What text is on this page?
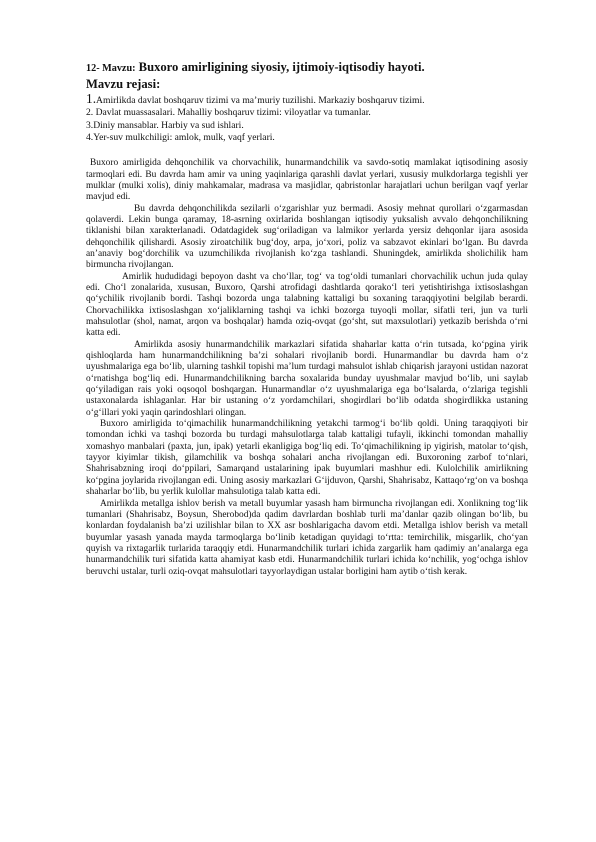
12- Mavzu: Buxoro amirligining siyosiy, ijtimoiy-iqtisodiy hayoti.
Mavzu rejasi:
1.Amirlikda davlat boshqaruv tizimi va ma’muriy tuzilishi. Markaziy boshqaruv tizimi.
2. Davlat muassasalari. Mahalliy boshqaruv tizimi: viloyatlar va tumanlar.
3.Diniy mansablar. Harbiy va sud ishlari.
4.Yer-suv mulkchiligi: amlok, mulk, vaqf yerlari.

Buxoro amirligida dehqonchilik va chorvachilik, hunarmandchilik va savdo-sotiq mamlakat iqtisodining asosiy tarmoqlari edi. Bu davrda ham amir va uning yaqinlariga qarashli davlat yerlari, xususiy mulkdorlarga tegishli yer mulklar (mulki xolis), diniy mahkamalar, madrasa va masjidlar, qabristonlar harajatlari uchun berilgan vaqf yerlar mavjud edi.

Bu davrda dehqonchilikda sezilarli o‘zgarishlar yuz bermadi. Asosiy mehnat qurollari o‘zgarmasdan qolaverdi. Lekin bunga qaramay, 18-asrning oxirlarida boshlangan iqtisodiy yuksalish avvalo dehqonchilikning tiklanishi bilan xarakterlanadi. Odatdagidek sug‘oriladigan va lalmikor yerlarda yersiz dehqonlar ijara asosida dehqonchilik qilishardi. Asosiy ziroatchilik bug‘doy, arpa, jo‘xori, poliz va sabzavot ekinlari bo‘lgan. Bu davrda an’anaviy bog‘dorchilik va uzumchilikda rivojlanish ko‘zga tashlandi. Shuningdek, amirlikda sholichilik ham birmuncha rivojlangan.

Amirlik hududidagi bepoyon dasht va cho‘llar, tog‘ va tog‘oldi tumanlari chorvachilik uchun juda qulay edi. Cho‘l zonalarida, xususan, Buxoro, Qarshi atrofidagi dashtlarda qorako‘l teri yetishtirishga ixtisoslashgan qo‘ychilik rivojlanib bordi. Tashqi bozorda unga talabning kattaligi bu soxaning taraqqiyotini belgilab berardi. Chorvachilikka ixtisoslashgan xo‘jaliklarning tashqi va ichki bozorga tuyoqli mollar, sifatli teri, jun va turli mahsulotlar (shol, namat, arqon va boshqalar) hamda oziq-ovqat (go‘sht, sut maxsulotlari) yetkazib berishda o‘rni katta edi.

Amirlikda asosiy hunarmandchilik markazlari sifatida shaharlar katta o‘rin tutsada, ko‘pgina yirik qishloqlarda ham hunarmandchilikning ba’zi sohalari rivojlanib bordi. Hunarmandlar bu davrda ham o‘z uyushmalariga ega bo‘lib, ularning tashkil topishi ma’lum turdagi mahsulot ishlab chiqarish jarayoni ustidan nazorat o‘rnatishga bog‘liq edi. Hunarmandchilikning barcha soxalarida bunday uyushmalar mavjud bo‘lib, uni saylab qo‘yiladigan rais yoki oqsoqol boshqargan. Hunarmandlar o‘z uyushmalariga ega bo‘lsalarda, o‘zlariga tegishli ustaxonalarda ishlaganlar. Har bir ustaning o‘z yordamchilari, shogirdlari bo‘lib odatda shogirdlikka ustaning o‘g‘illari yoki yaqin qarindoshlari olingan.

Buxoro amirligida to‘qimachilik hunarmandchilikning yetakchi tarmog‘i bo‘lib qoldi. Uning taraqqiyoti bir tomondan ichki va tashqi bozorda bu turdagi mahsulotlarga talab kattaligi tufayli, ikkinchi tomondan mahalliy xomashyo manbalari (paxta, jun, ipak) yetarli ekanligiga bog‘liq edi. To‘qimachilikning ip yigirish, matolar to‘qish, tayyor kiyimlar tikish, gilamchilik va boshqa sohalari ancha rivojlangan edi. Buxoroning zarbof to‘nlari, Shahrisabzning iroqi do‘ppilari, Samarqand ustalarining ipak buyumlari mashhur edi. Kulolchilik amirlikning ko‘pgina joylarida rivojlangan edi. Uning asosiy markazlari G‘ijduvon, Qarshi, Shahrisabz, Kattaqo‘rg‘on va boshqa shaharlar bo‘lib, bu yerlik kulollar mahsulotiga talab katta edi.

Amirlikda metallga ishlov berish va metall buyumlar yasash ham birmuncha rivojlangan edi. Xonlikning tog‘lik tumanlari (Shahrisabz, Boysun, Sherobod)da qadim davrlardan boshlab turli ma’danlar qazib olingan bo‘lib, bu konlardan foydalanish ba’zi uzilishlar bilan to XX asr boshlarigacha davom etdi. Metallga ishlov berish va metall buyumlar yasash yanada mayda tarmoqlarga bo‘linib ketadigan quyidagi to‘rtta: temirchilik, misgarlik, cho‘yan quyish va rixtagarlik turlarida taraqqiy etdi. Hunarmandchilik turlari ichida zargarlik ham qadimiy an’analarga ega hunarmandchilik turi sifatida katta ahamiyat kasb etdi. Hunarmandchilik turlari ichida ko‘nchilik, yog‘ochga ishlov beruvchi ustalar, turli oziq-ovqat mahsulotlari tayyorlaydigan ustalar borligini ham aytib o‘tish kerak.
